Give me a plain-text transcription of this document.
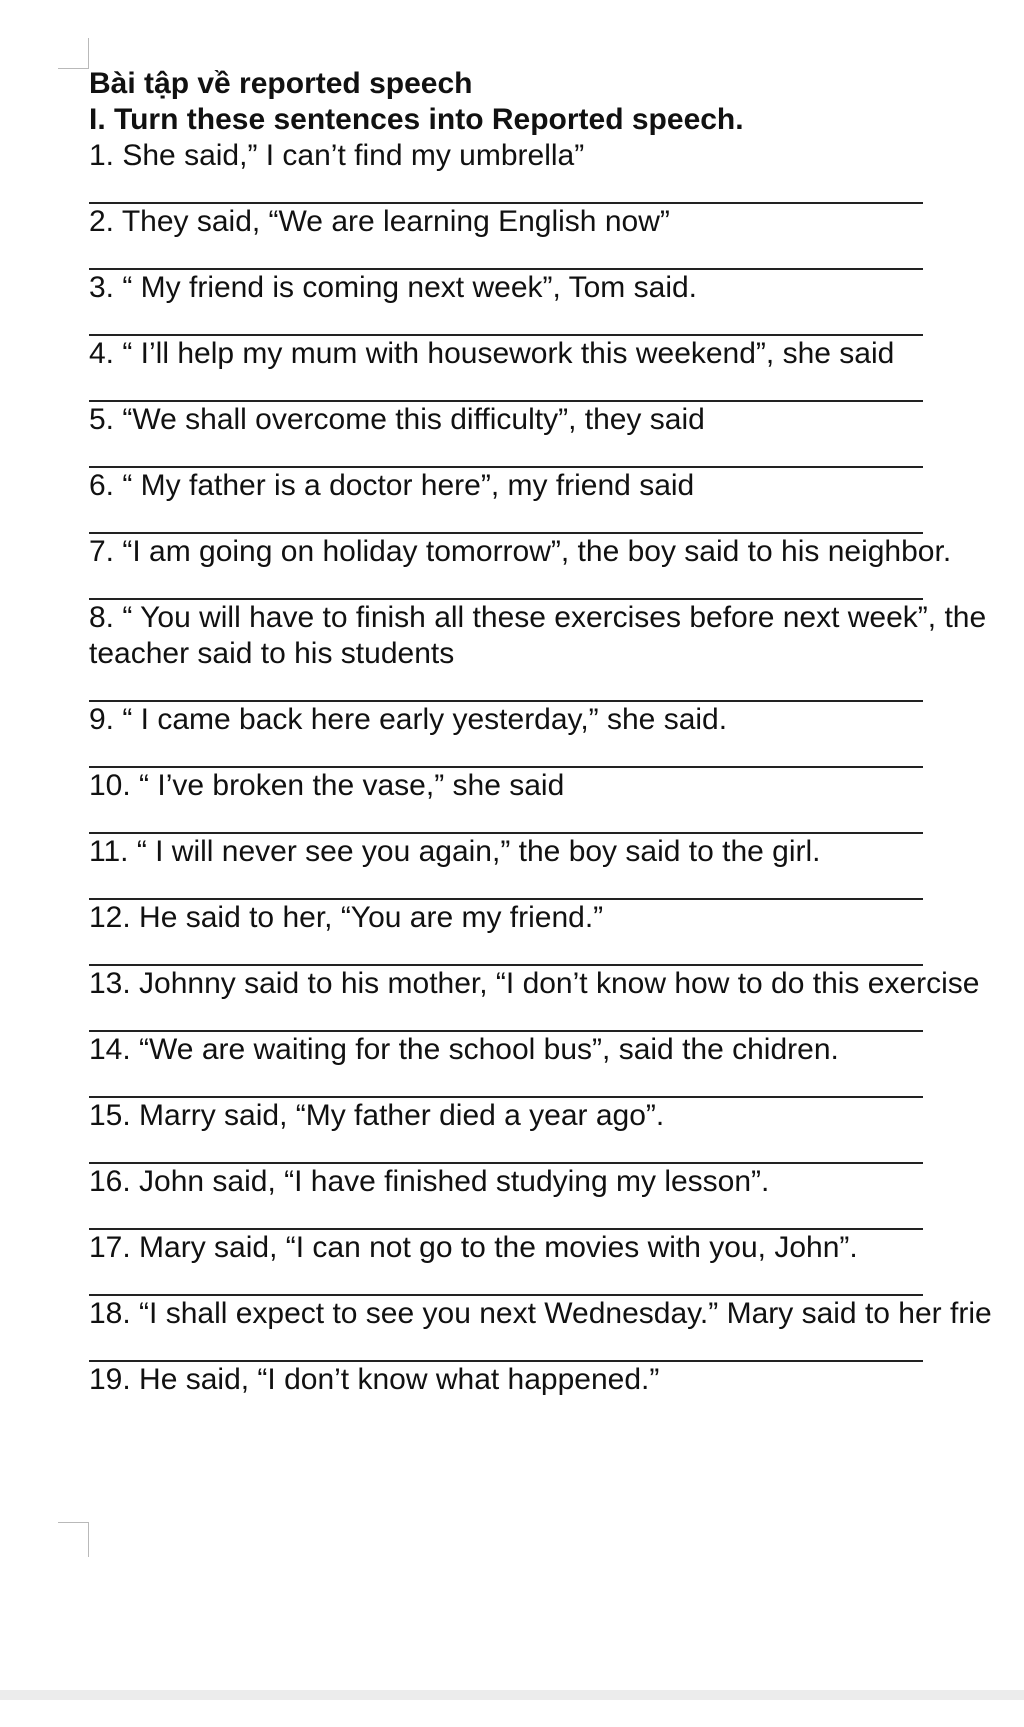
Bài tập về reported speech
I. Turn these sentences into Reported speech.
1. She said,” I can’t find my umbrella”
2. They said, “We are learning English now”
3. “ My friend is coming next week”, Tom said.
4. “ I’ll help my mum with housework this weekend”, she said
5. “We shall overcome this difficulty”, they said
6. “ My father is a doctor here”, my friend said
7. “I am going on holiday tomorrow”, the boy said to his neighbor.
8. “ You will have to finish all these exercises before next week”, the teacher said to his students
9. “ I came back here early yesterday,” she said.
10. “ I’ve broken the vase,” she said
11. “ I will never see you again,” the boy said to the girl.
12. He said to her, “You are my friend.”
13. Johnny said to his mother, “I don’t know how to do this exercise
14. “We are waiting for the school bus”, said the chidren.
15. Marry said, “My father died a year ago”.
16. John said, “I have finished studying my lesson”.
17. Mary said, “I can not go to the movies with you, John”.
18. “I shall expect to see you next Wednesday.” Mary said to her frie
19. He said, “I don’t know what happened.”
